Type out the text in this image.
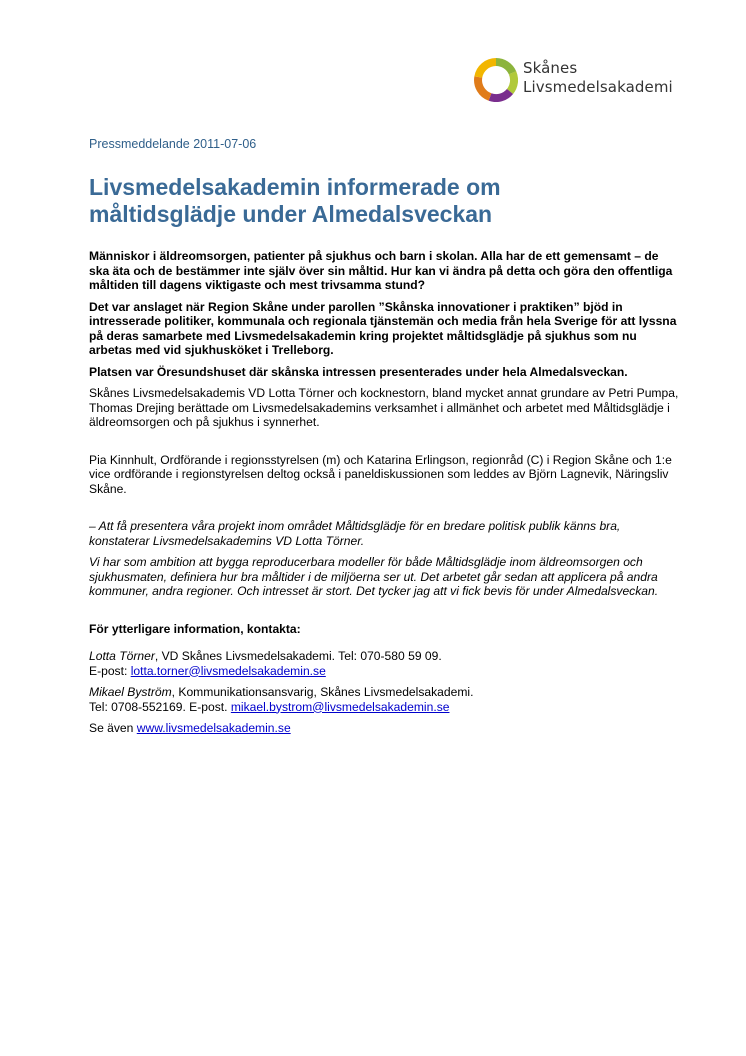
Skånes
Livsmedelsakademi
Pressmeddelande 2011-07-06
Livsmedelsakademin informerade om måltidsglädje under Almedalsveckan

Människor i äldreomsorgen, patienter på sjukhus och barn i skolan. Alla har de ett gemensamt – de ska äta och de bestämmer inte själv över sin måltid. Hur kan vi ändra på detta och göra den offentliga måltiden till dagens viktigaste och mest trivsamma stund?

Det var anslaget när Region Skåne under parollen ”Skånska innovationer i praktiken” bjöd in intresserade politiker, kommunala och regionala tjänstemän och media från hela Sverige för att lyssna på deras samarbete med Livsmedelsakademin kring projektet måltidsglädje på sjukhus som nu arbetas med vid sjukhusköket i Trelleborg.

Platsen var Öresundshuset där skånska intressen presenterades under hela Almedalsveckan.

Skånes Livsmedelsakademis VD Lotta Törner och kocknestorn, bland mycket annat grundare av Petri Pumpa, Thomas Drejing berättade om Livsmedelsakademins verksamhet i allmänhet och arbetet med Måltidsglädje i äldreomsorgen och på sjukhus i synnerhet.

Pia Kinnhult, Ordförande i regionsstyrelsen (m) och Katarina Erlingson, regionråd (C) i Region Skåne och 1:e vice ordförande i regionstyrelsen deltog också i paneldiskussionen som leddes av Björn Lagnevik, Näringsliv Skåne.

– Att få presentera våra projekt inom området Måltidsglädje för en bredare politisk publik känns bra, konstaterar Livsmedelsakademins VD Lotta Törner.

Vi har som ambition att bygga reproducerbara modeller för både Måltidsglädje inom äldreomsorgen och sjukhusmaten, definiera hur bra måltider i de miljöerna ser ut. Det arbetet går sedan att applicera på andra kommuner, andra regioner. Och intresset är stort. Det tycker jag att vi fick bevis för under Almedalsveckan.

För ytterligare information, kontakta:

Lotta Törner, VD Skånes Livsmedelsakademi. Tel: 070-580 59 09.
E-post: lotta.torner@livsmedelsakademin.se

Mikael Byström, Kommunikationsansvarig, Skånes Livsmedelsakademi.
Tel: 0708-552169. E-post. mikael.bystrom@livsmedelsakademin.se

Se även www.livsmedelsakademin.se
